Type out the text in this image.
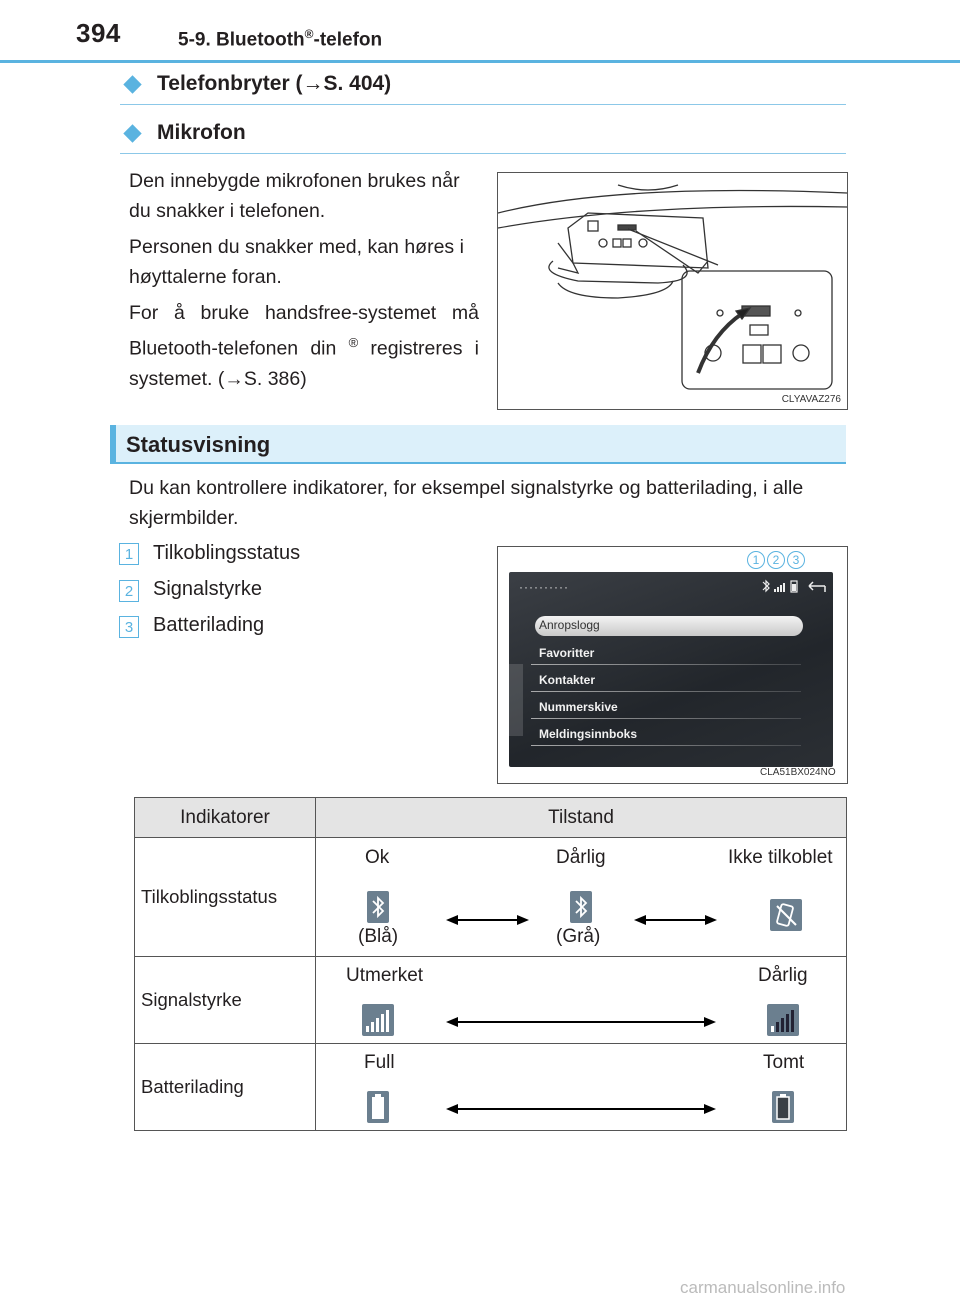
394	5-9. Bluetooth®-telefon
Telefonbryter (→S. 404)
Mikrofon
Den innebygde mikrofonen brukes når du snakker i telefonen.
Personen du snakker med, kan høres i høyttalerne foran.
For å bruke handsfree-systemet må Bluetooth-telefonen din ® registreres i systemet. (→S. 386)
CLYAVAZ276
Statusvisning
Du kan kontrollere indikatorer, for eksempel signalstyrke og batterilading, i alle skjermbilder.
1 Tilkoblingsstatus
2 Signalstyrke
3 Batterilading
1	2	3
··········
Anropslogg
Favoritter
Kontakter
Nummerskive
Meldingsinnboks
CLA51BX024NO
Indikatorer	Tilstand
Tilkoblingsstatus	Ok Dårlig Ikke tilkoblet
(Blå) (Grå)

Signalstyrke	Utmerket Dårlig

Batterilading	Full Tomt
carmanualsonline.info
